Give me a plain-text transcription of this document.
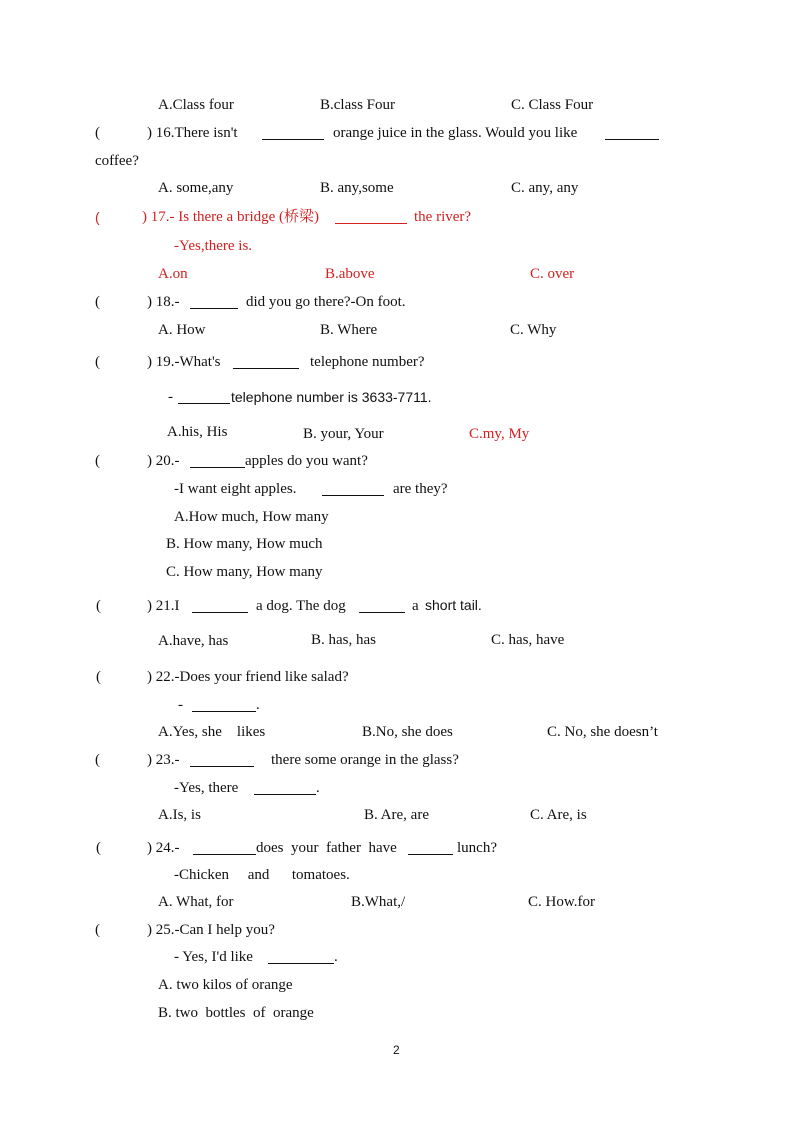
A.Class four	B.class Four	C. Class Four
(	) 16.There isn't	orange juice in the glass. Would you like
coffee?
A. some,any	B. any,some	C. any, any
(	) 17.- Is there a bridge (桥梁)	the river?
-Yes,there is.
A.on	B.above	C. over
(	) 18.-	did you go there?-On foot.
A. How	B. Where	C. Why
(	) 19.-What's	telephone number?
-	telephone number is 3633-7711.
A.his, His	B. your, Your	C.my, My
(	) 20.-	apples do you want?
-I want eight apples.	are they?
A.How much, How many
B. How many, How much
C. How many, How many
(	) 21.I	a dog. The dog	a short tail.
A.have, has	B. has, has	C. has, have
(	) 22.-Does your friend like salad?
-	.
A.Yes, she    likes	B.No, she does	C. No, she doesn’t
(	) 23.-	there some orange in the glass?
-Yes, there	.
A.Is, is	B. Are, are	C. Are, is
(	) 24.-	does  your  father  have	lunch?
-Chicken     and      tomatoes.
A. What, for	B.What,/	C. How.for
(	) 25.-Can I help you?
- Yes, I'd like	.
A. two kilos of orange
B. two  bottles  of  orange
2
